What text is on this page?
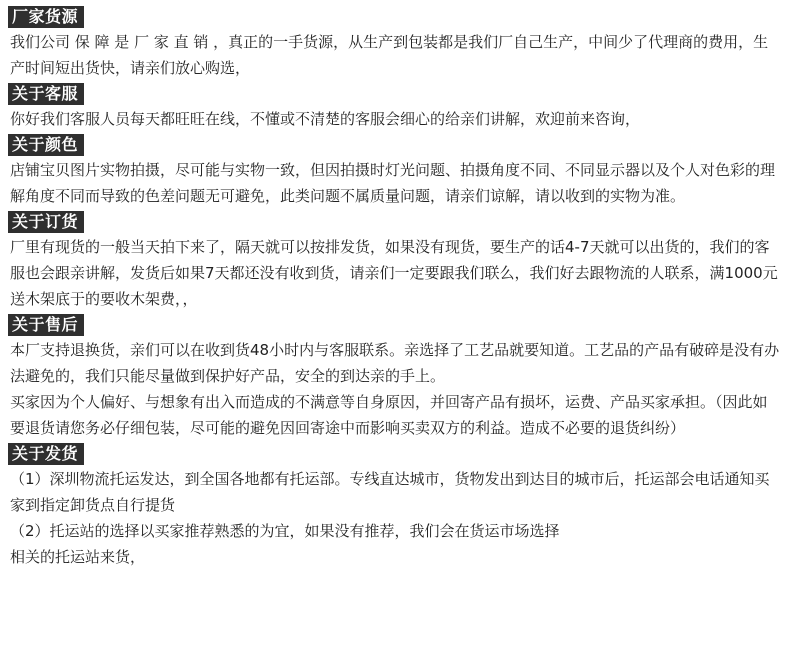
厂家货源

我们公司 保 障 是 厂 家 直 销 ，真正的一手货源，从生产到包装都是我们厂自己生产，中间少了代理商的费用，生产时间短出货快，请亲们放心购选，

关于客服

你好我们客服人员每天都旺旺在线，不懂或不清楚的客服会细心的给亲们讲解，欢迎前来咨询，

关于颜色

店铺宝贝图片实物拍摄，尽可能与实物一致，但因拍摄时灯光问题、拍摄角度不同、不同显示器以及个人对色彩的理解角度不同而导致的色差问题无可避免，此类问题不属质量问题，请亲们谅解，请以收到的实物为准。

关于订货

厂里有现货的一般当天拍下来了，隔天就可以按排发货，如果没有现货，要生产的话4-7天就可以出货的，我们的客服也会跟亲讲解，发货后如果7天都还没有收到货，请亲们一定要跟我们联么，我们好去跟物流的人联系，满1000元送木架底于的要收木架费，，

关于售后

本厂支持退换货，亲们可以在收到货48小时内与客服联系。亲选择了工艺品就要知道。工艺品的产品有破碎是没有办法避免的，我们只能尽量做到保护好产品，安全的到达亲的手上。

买家因为个人偏好、与想象有出入而造成的不满意等自身原因，并回寄产品有损坏，运费、产品买家承担。（因此如要退货请您务必仔细包装，尽可能的避免因回寄途中而影响买卖双方的利益。造成不必要的退货纠纷）

关于发货

（1）深圳物流托运发达，到全国各地都有托运部。专线直达城市，货物发出到达目的城市后，托运部会电话通知买家到指定卸货点自行提货

（2）托运站的选择以买家推荐熟悉的为宜，如果没有推荐，我们会在货运市场选择

相关的托运站来货，
